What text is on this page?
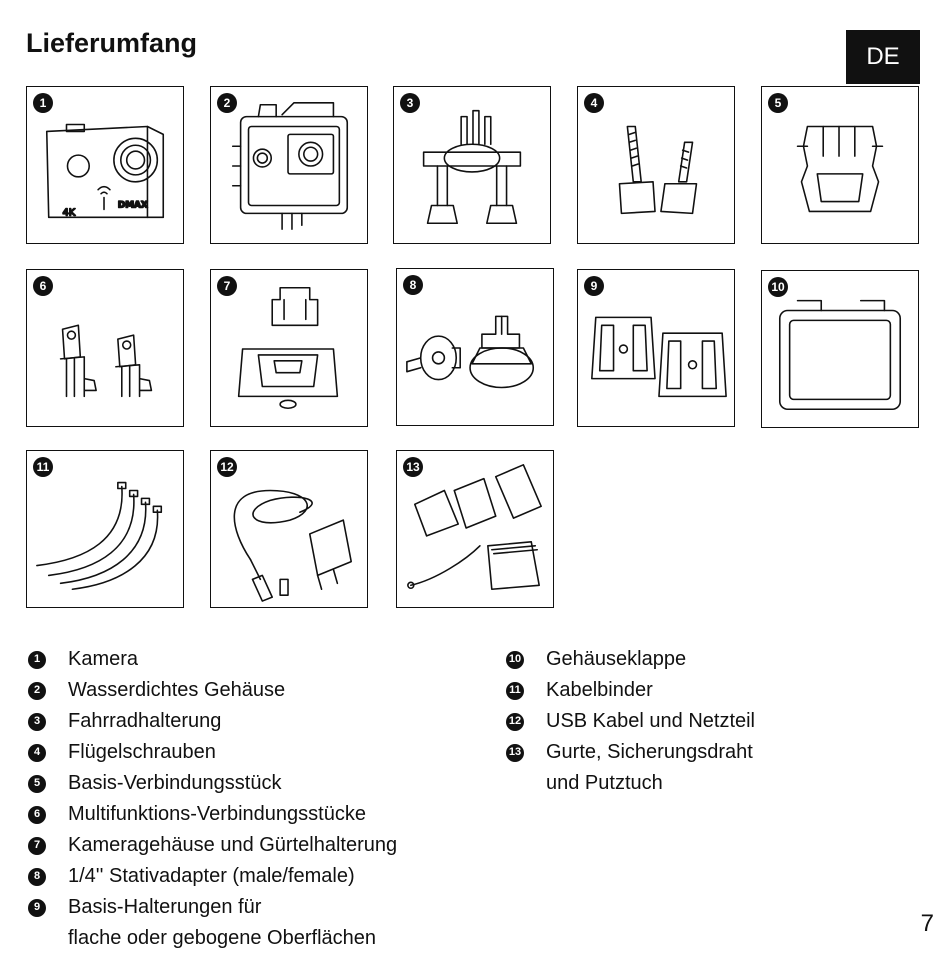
Lieferumfang	DE
4K
DMAX
1	2	3	4	5
6	7	8	9	10
11	12	13
1 Kamera
2 Wasserdichtes Gehäuse
3 Fahrradhalterung
4 Flügelschrauben
5 Basis-Verbindungsstück
6 Multifunktions-Verbindungsstücke
7 Kameragehäuse und Gürtelhalterung
8 1/4'' Stativadapter (male/female)
9 Basis-Halterungen für
flache oder gebogene Oberflächen
10 Gehäuseklappe
11 Kabelbinder
12 USB Kabel und Netzteil
13 Gurte, Sicherungsdraht
und Putztuch
7
